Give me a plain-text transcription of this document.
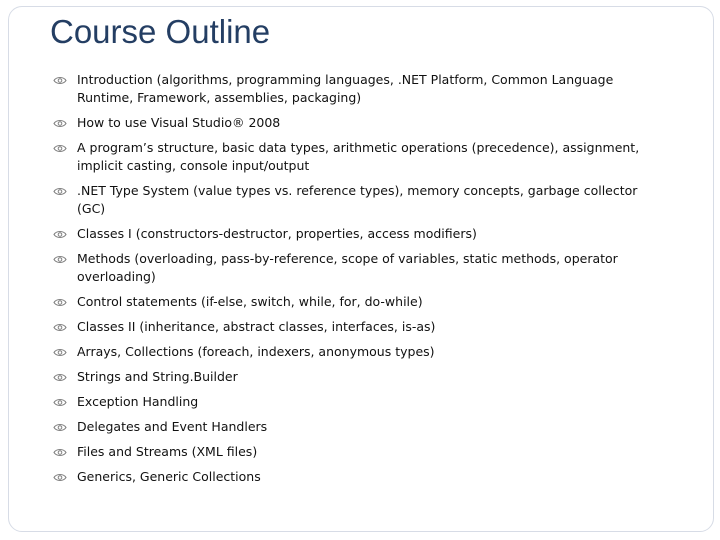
Course Outline
Introduction (algorithms, programming languages, .NET Platform, Common Language Runtime, Framework, assemblies, packaging)
How to use Visual Studio® 2008
A program’s structure, basic data types, arithmetic operations (precedence), assignment, implicit casting, console input/output
.NET Type System (value types vs. reference types), memory concepts, garbage collector (GC)
Classes I (constructors-destructor, properties, access modifiers)
Methods (overloading, pass-by-reference, scope of variables, static methods, operator overloading)
Control statements (if-else, switch, while, for, do-while)
Classes II (inheritance, abstract classes, interfaces, is-as)
Arrays, Collections (foreach, indexers, anonymous types)
Strings and String.Builder
Exception Handling
Delegates and Event Handlers
Files and Streams (XML files)
Generics, Generic Collections
